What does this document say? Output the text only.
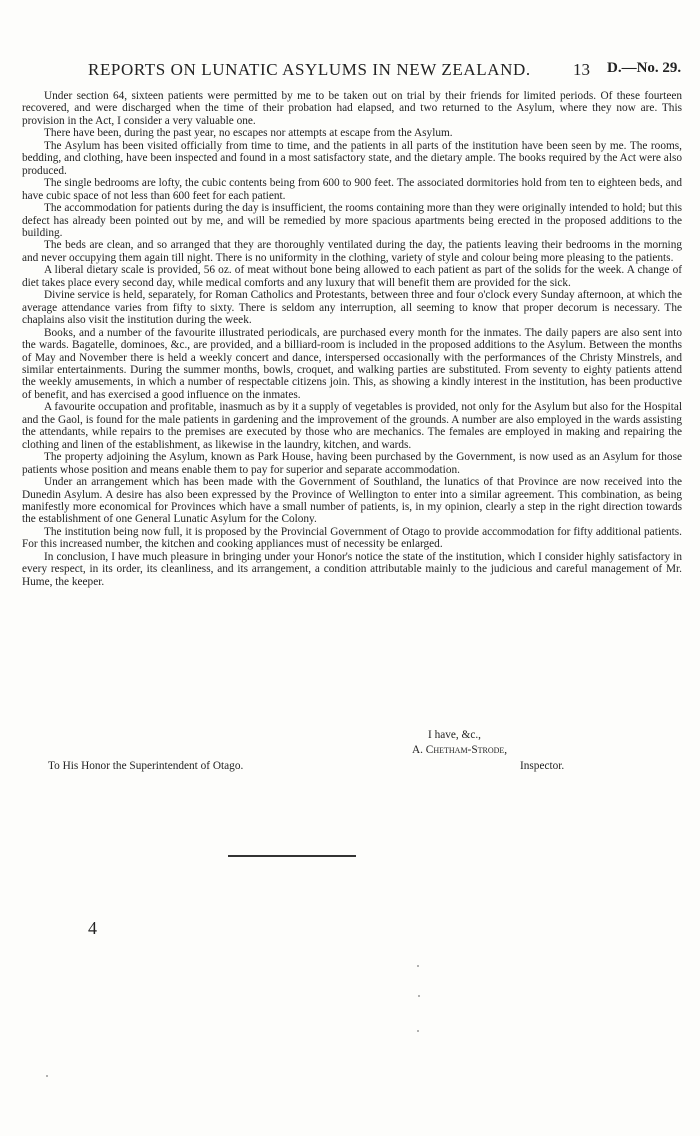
REPORTS ON LUNATIC ASYLUMS IN NEW ZEALAND. 13 D.—No. 29.

Under section 64, sixteen patients were permitted by me to be taken out on trial by their friends for limited periods. Of these fourteen recovered, and were discharged when the time of their probation had elapsed, and two returned to the Asylum, where they now are. This provision in the Act, I consider a very valuable one.

There have been, during the past year, no escapes nor attempts at escape from the Asylum.

The Asylum has been visited officially from time to time, and the patients in all parts of the institution have been seen by me. The rooms, bedding, and clothing, have been inspected and found in a most satisfactory state, and the dietary ample. The books required by the Act were also produced.

The single bedrooms are lofty, the cubic contents being from 600 to 900 feet. The associated dormitories hold from ten to eighteen beds, and have cubic space of not less than 600 feet for each patient.

The accommodation for patients during the day is insufficient, the rooms containing more than they were originally intended to hold; but this defect has already been pointed out by me, and will be remedied by more spacious apartments being erected in the proposed additions to the building.

The beds are clean, and so arranged that they are thoroughly ventilated during the day, the patients leaving their bedrooms in the morning and never occupying them again till night. There is no uniformity in the clothing, variety of style and colour being more pleasing to the patients.

A liberal dietary scale is provided, 56 oz. of meat without bone being allowed to each patient as part of the solids for the week. A change of diet takes place every second day, while medical comforts and any luxury that will benefit them are provided for the sick.

Divine service is held, separately, for Roman Catholics and Protestants, between three and four o'clock every Sunday afternoon, at which the average attendance varies from fifty to sixty. There is seldom any interruption, all seeming to know that proper decorum is necessary. The chaplains also visit the institution during the week.

Books, and a number of the favourite illustrated periodicals, are purchased every month for the inmates. The daily papers are also sent into the wards. Bagatelle, dominoes, &c., are provided, and a billiard-room is included in the proposed additions to the Asylum. Between the months of May and November there is held a weekly concert and dance, interspersed occasionally with the performances of the Christy Minstrels, and similar entertainments. During the summer months, bowls, croquet, and walking parties are substituted. From seventy to eighty patients attend the weekly amusements, in which a number of respectable citizens join. This, as showing a kindly interest in the institution, has been productive of benefit, and has exercised a good influence on the inmates.

A favourite occupation and profitable, inasmuch as by it a supply of vegetables is provided, not only for the Asylum but also for the Hospital and the Gaol, is found for the male patients in gardening and the improvement of the grounds. A number are also employed in the wards assisting the attendants, while repairs to the premises are executed by those who are mechanics. The females are employed in making and repairing the clothing and linen of the establishment, as likewise in the laundry, kitchen, and wards.

The property adjoining the Asylum, known as Park House, having been purchased by the Government, is now used as an Asylum for those patients whose position and means enable them to pay for superior and separate accommodation.

Under an arrangement which has been made with the Government of Southland, the lunatics of that Province are now received into the Dunedin Asylum. A desire has also been expressed by the Province of Wellington to enter into a similar agreement. This combination, as being manifestly more economical for Provinces which have a small number of patients, is, in my opinion, clearly a step in the right direction towards the establishment of one General Lunatic Asylum for the Colony.

The institution being now full, it is proposed by the Provincial Government of Otago to provide accommodation for fifty additional patients. For this increased number, the kitchen and cooking appliances must of necessity be enlarged.

In conclusion, I have much pleasure in bringing under your Honor's notice the state of the institution, which I consider highly satisfactory in every respect, in its order, its cleanliness, and its arrangement, a condition attributable mainly to the judicious and careful management of Mr. Hume, the keeper.

I have, &c.,
A. Chetham-Strode,
To His Honor the Superintendent of Otago.	Inspector.
4
